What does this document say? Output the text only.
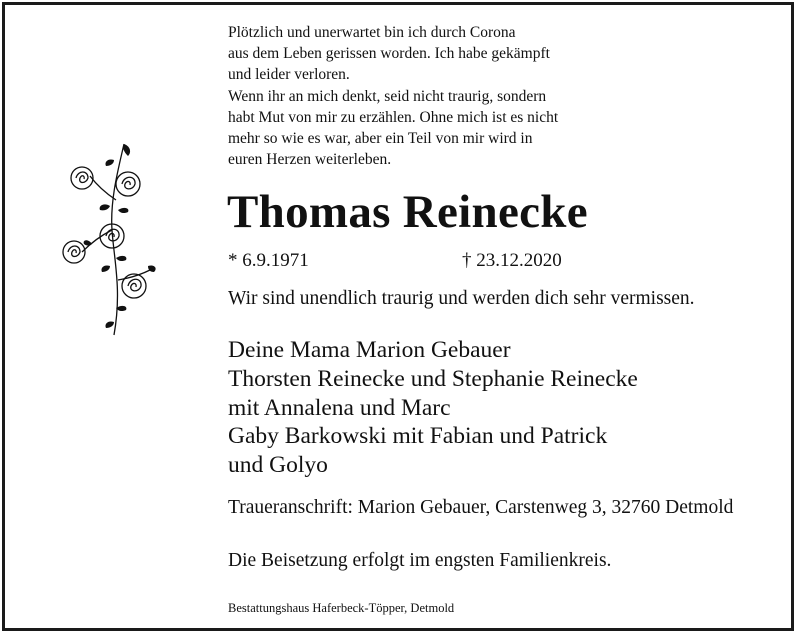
Plötzlich und unerwartet bin ich durch Corona
aus dem Leben gerissen worden. Ich habe gekämpft
und leider verloren.
Wenn ihr an mich denkt, seid nicht traurig, sondern
habt Mut von mir zu erzählen. Ohne mich ist es nicht
mehr so wie es war, aber ein Teil von mir wird in
euren Herzen weiterleben.
Thomas Reinecke
* 6.9.1971	† 23.12.2020
Wir sind unendlich traurig und werden dich sehr vermissen.
Deine Mama Marion Gebauer
Thorsten Reinecke und Stephanie Reinecke
mit Annalena und Marc
Gaby Barkowski mit Fabian und Patrick
und Golyo
Traueranschrift: Marion Gebauer, Carstenweg 3, 32760 Detmold
Die Beisetzung erfolgt im engsten Familienkreis.
Bestattungshaus Haferbeck-Töpper, Detmold
